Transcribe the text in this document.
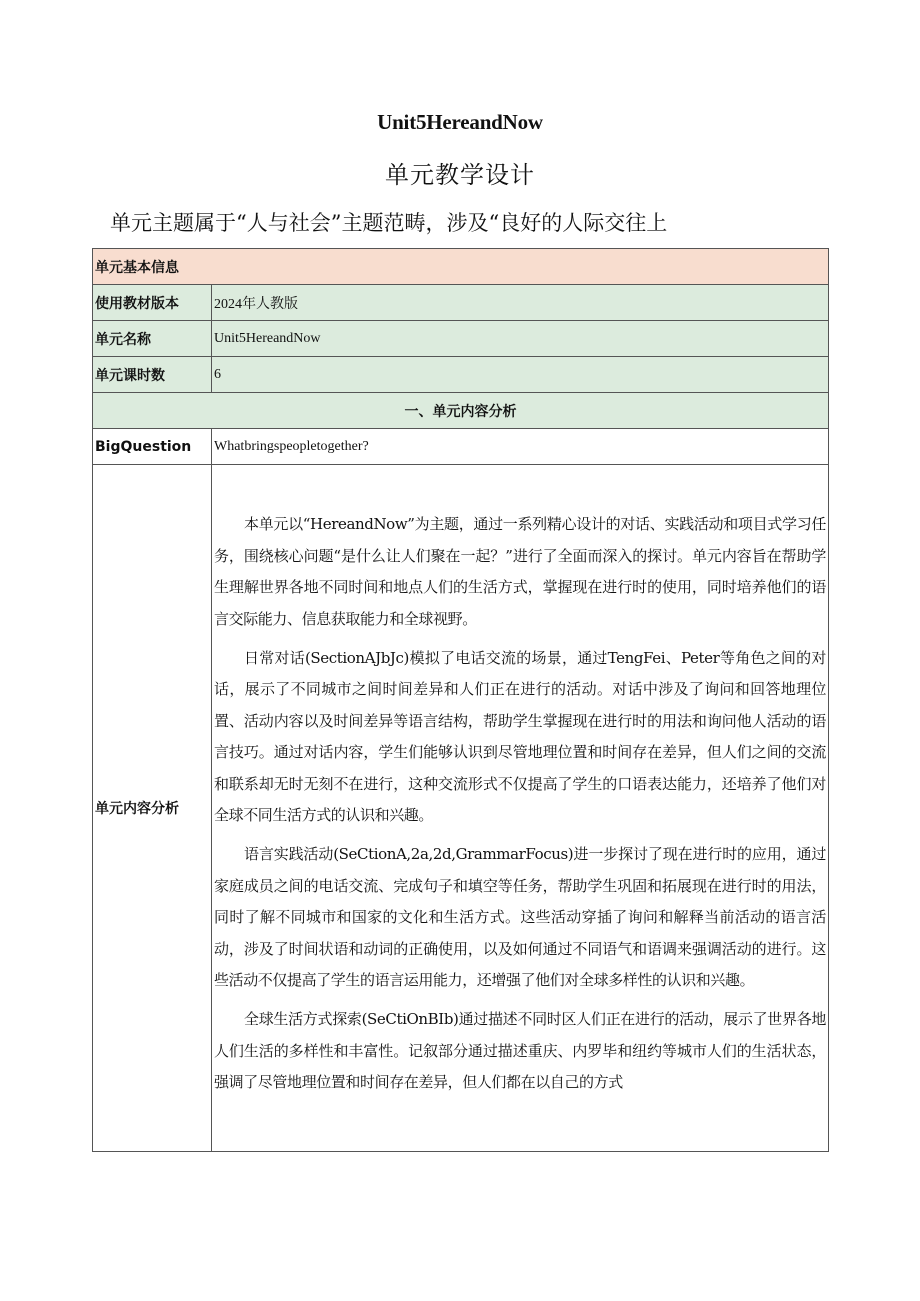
Unit5HereandNow
单元教学设计
单元主题属于“人与社会”主题范畴，涉及“良好的人际交往上
单元基本信息	
使用教材版本	2024年人教版
单元名称	Unit5HereandNow
单元课时数	6
一、单元内容分析	
BigQuestion	Whatbringspeopletogether?
单元内容分析	本单元以“HereandNow”为主题，通过一系列精心设计的对话、实践活动和项目式学习任务，围绕核心问题“是什么让人们聚在一起？”进行了全面而深入的探讨。单元内容旨在帮助学生理解世界各地不同时间和地点人们的生活方式，掌握现在进行时的使用，同时培养他们的语言交际能力、信息获取能力和全球视野。

日常对话(SectionAJbJc)模拟了电话交流的场景，通过TengFei、Peter等角色之间的对话，展示了不同城市之间时间差异和人们正在进行的活动。对话中涉及了询问和回答地理位置、活动内容以及时间差异等语言结构，帮助学生掌握现在进行时的用法和询问他人活动的语言技巧。通过对话内容，学生们能够认识到尽管地理位置和时间存在差异，但人们之间的交流和联系却无时无刻不在进行，这种交流形式不仅提高了学生的口语表达能力，还培养了他们对全球不同生活方式的认识和兴趣。

语言实践活动(SeCtionA,2a,2d,GrammarFocus)进一步探讨了现在进行时的应用，通过家庭成员之间的电话交流、完成句子和填空等任务，帮助学生巩固和拓展现在进行时的用法，同时了解不同城市和国家的文化和生活方式。这些活动穿插了询问和解释当前活动的语言活动，涉及了时间状语和动词的正确使用，以及如何通过不同语气和语调来强调活动的进行。这些活动不仅提高了学生的语言运用能力，还增强了他们对全球多样性的认识和兴趣。

全球生活方式探索(SeCtiOnBIb)通过描述不同时区人们正在进行的活动，展示了世界各地人们生活的多样性和丰富性。记叙部分通过描述重庆、内罗毕和纽约等城市人们的生活状态，强调了尽管地理位置和时间存在差异，但人们都在以自己的方式
